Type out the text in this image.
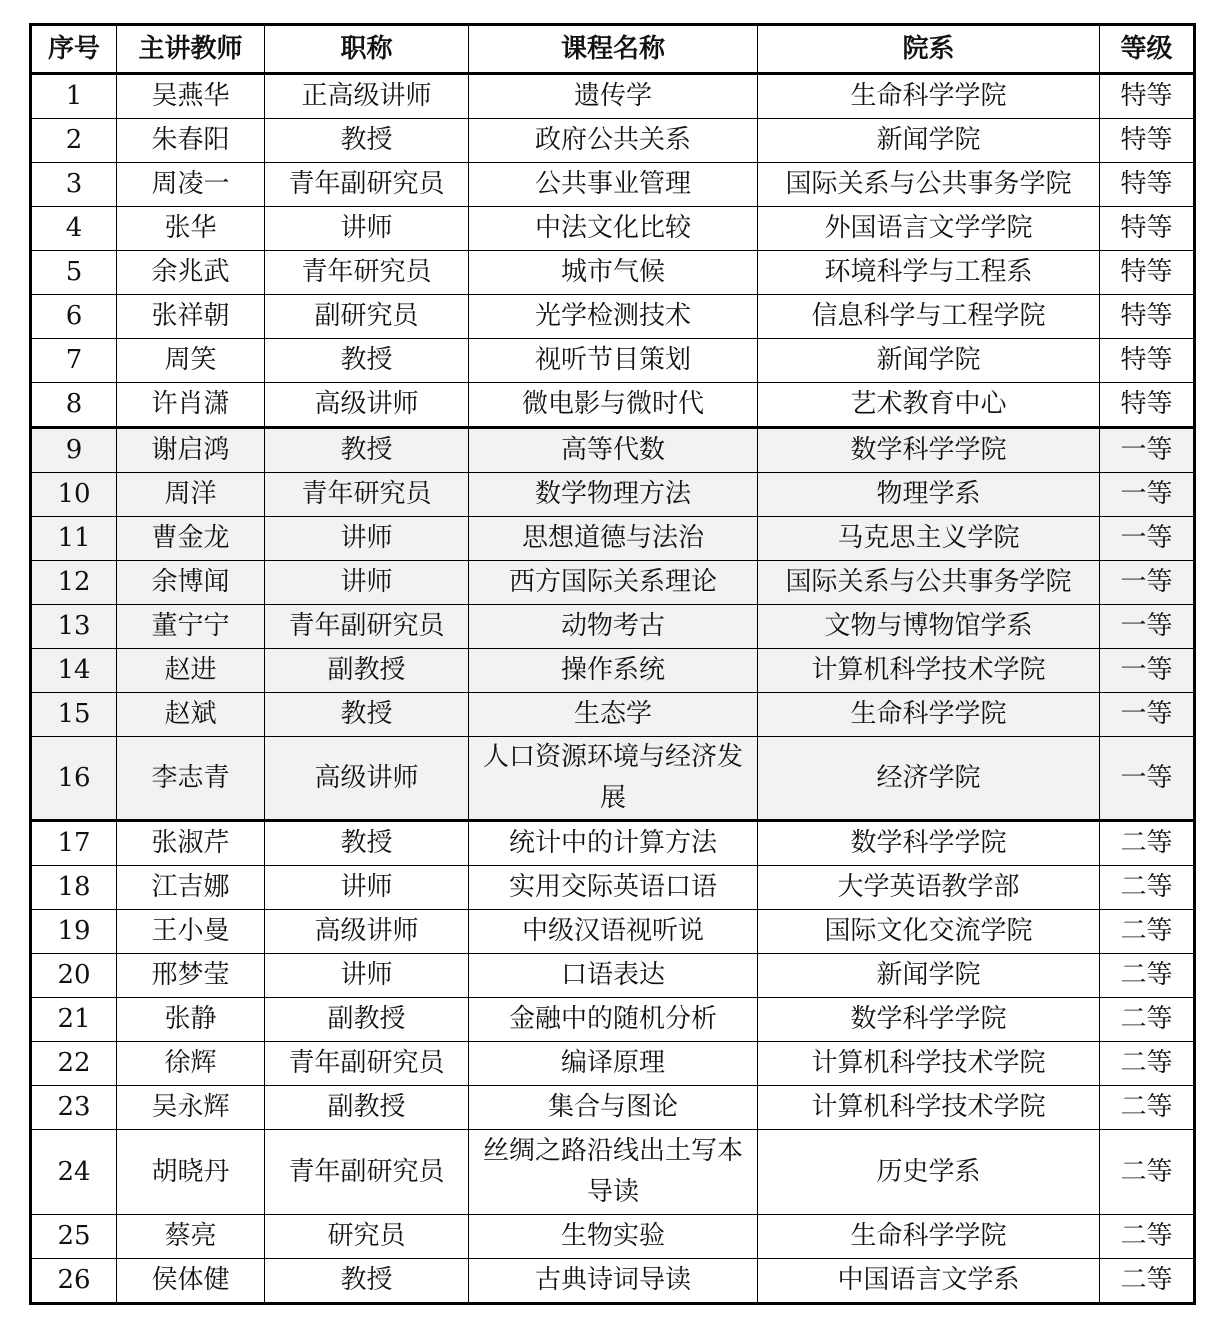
序号	主讲教师	职称	课程名称	院系	等级
1	吴燕华	正高级讲师	遗传学	生命科学学院	特等
2	朱春阳	教授	政府公共关系	新闻学院	特等
3	周凌一	青年副研究员	公共事业管理	国际关系与公共事务学院	特等
4	张华	讲师	中法文化比较	外国语言文学学院	特等
5	余兆武	青年研究员	城市气候	环境科学与工程系	特等
6	张祥朝	副研究员	光学检测技术	信息科学与工程学院	特等
7	周笑	教授	视听节目策划	新闻学院	特等
8	许肖潇	高级讲师	微电影与微时代	艺术教育中心	特等
9	谢启鸿	教授	高等代数	数学科学学院	一等
10	周洋	青年研究员	数学物理方法	物理学系	一等
11	曹金龙	讲师	思想道德与法治	马克思主义学院	一等
12	余博闻	讲师	西方国际关系理论	国际关系与公共事务学院	一等
13	董宁宁	青年副研究员	动物考古	文物与博物馆学系	一等
14	赵进	副教授	操作系统	计算机科学技术学院	一等
15	赵斌	教授	生态学	生命科学学院	一等
16	李志青	高级讲师	人口资源环境与经济发展	经济学院	一等
17	张淑芹	教授	统计中的计算方法	数学科学学院	二等
18	江吉娜	讲师	实用交际英语口语	大学英语教学部	二等
19	王小曼	高级讲师	中级汉语视听说	国际文化交流学院	二等
20	邢梦莹	讲师	口语表达	新闻学院	二等
21	张静	副教授	金融中的随机分析	数学科学学院	二等
22	徐辉	青年副研究员	编译原理	计算机科学技术学院	二等
23	吴永辉	副教授	集合与图论	计算机科学技术学院	二等
24	胡晓丹	青年副研究员	丝绸之路沿线出土写本导读	历史学系	二等
25	蔡亮	研究员	生物实验	生命科学学院	二等
26	侯体健	教授	古典诗词导读	中国语言文学系	二等
